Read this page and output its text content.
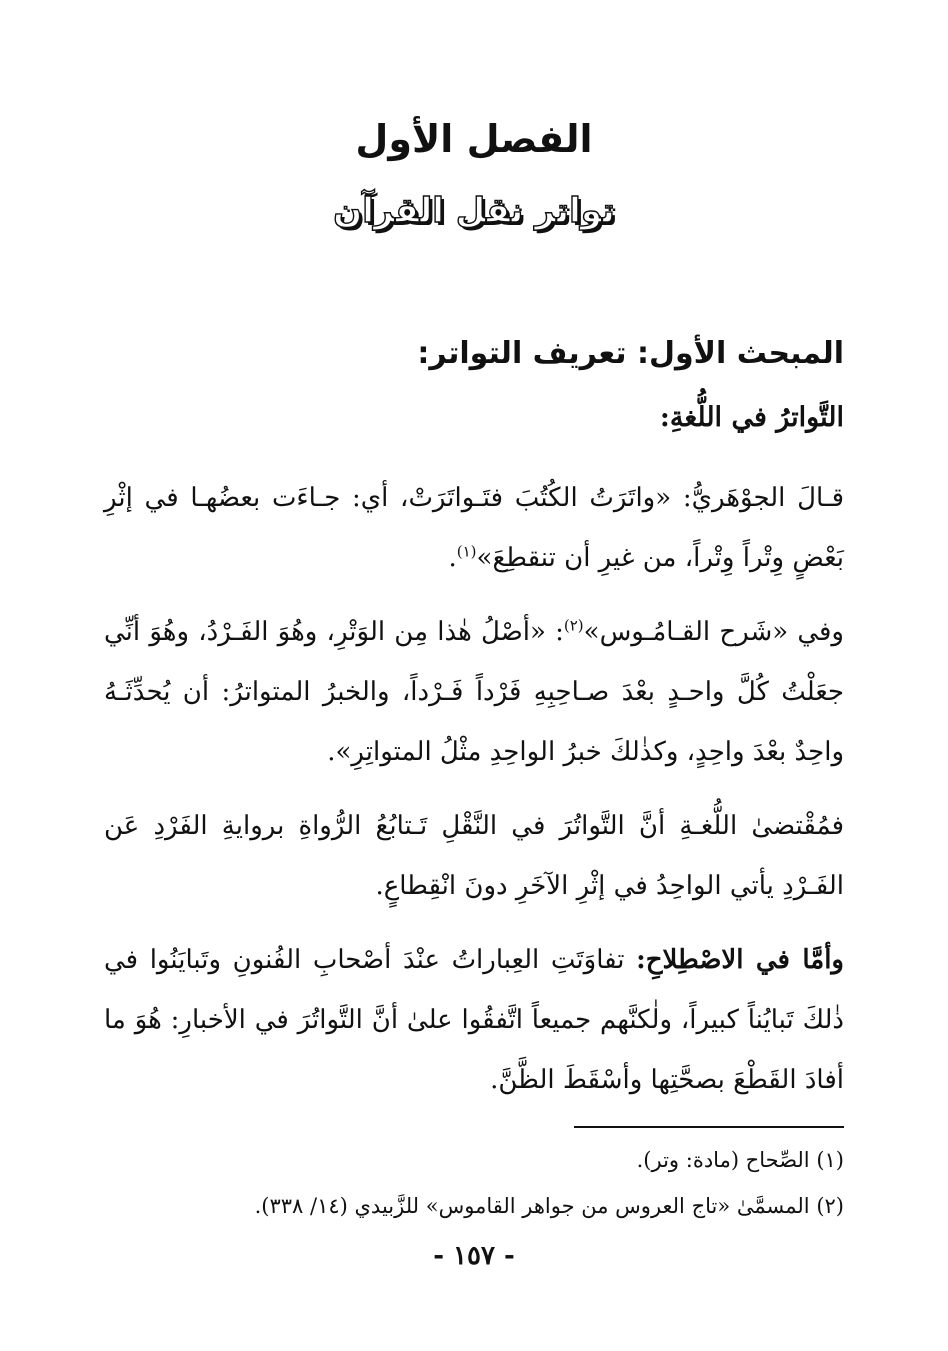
الفصل الأول
تواتر نقل القرآن
المبحث الأول: تعريف التواتر:
التَّواترُ في اللُّغةِ:

قـالَ الجوْهَريُّ: «واتَرَتُ الكُتُبَ فتَـواتَرَتْ، أي: جـاءَت بعضُهـا في إثْرِ بَعْضٍ وِتْراً وِتْراً، من غيرِ أن تنقطِعَ»$^{(١)}$.

وفي «شَرح القـامُـوس»$^{(٢)}$: «أصْلُ هٰذا مِن الوَتْرِ، وهُوَ الفَـرْدُ، وهُوَ أنِّي جعَلْتُ كُلَّ واحـدٍ بعْدَ صـاحِبِهِ فَرْداً فَـرْداً، والخبرُ المتواترُ: أن يُحدِّثَـهُ واحِدٌ بعْدَ واحِدٍ، وكذٰلكَ خبرُ الواحِدِ مثْلُ المتواتِرِ».

فمُقْتضىٰ اللُّغـةِ أنَّ التَّواتُرَ في النَّقْلِ تَـتابُعُ الرُّواةِ بروايةِ الفَرْدِ عَن الفَـرْدِ يأتي الواحِدُ في إثْرِ الآخَرِ دونَ انْقِطاعٍ.

وأمَّا في الاصْطِلاحِ: تفاوَتَتِ العِباراتُ عنْدَ أصْحابِ الفُنونِ وتَبايَنُوا في ذٰلكَ تَبايُناً كبيراً، ولٰكنَّهم جميعاً اتَّفقُوا علىٰ أنَّ التَّواتُرَ في الأخبارِ: هُوَ ما أفادَ القَطْعَ بصحَّتِها وأسْقَطَ الظَّنَّ.

(١) الصِّحاح (مادة: وتر).

(٢) المسمَّىٰ «تاج العروس من جواهر القاموس» للزَّبيدي (١٤/ ٣٣٨).

- ١٥٧ -
